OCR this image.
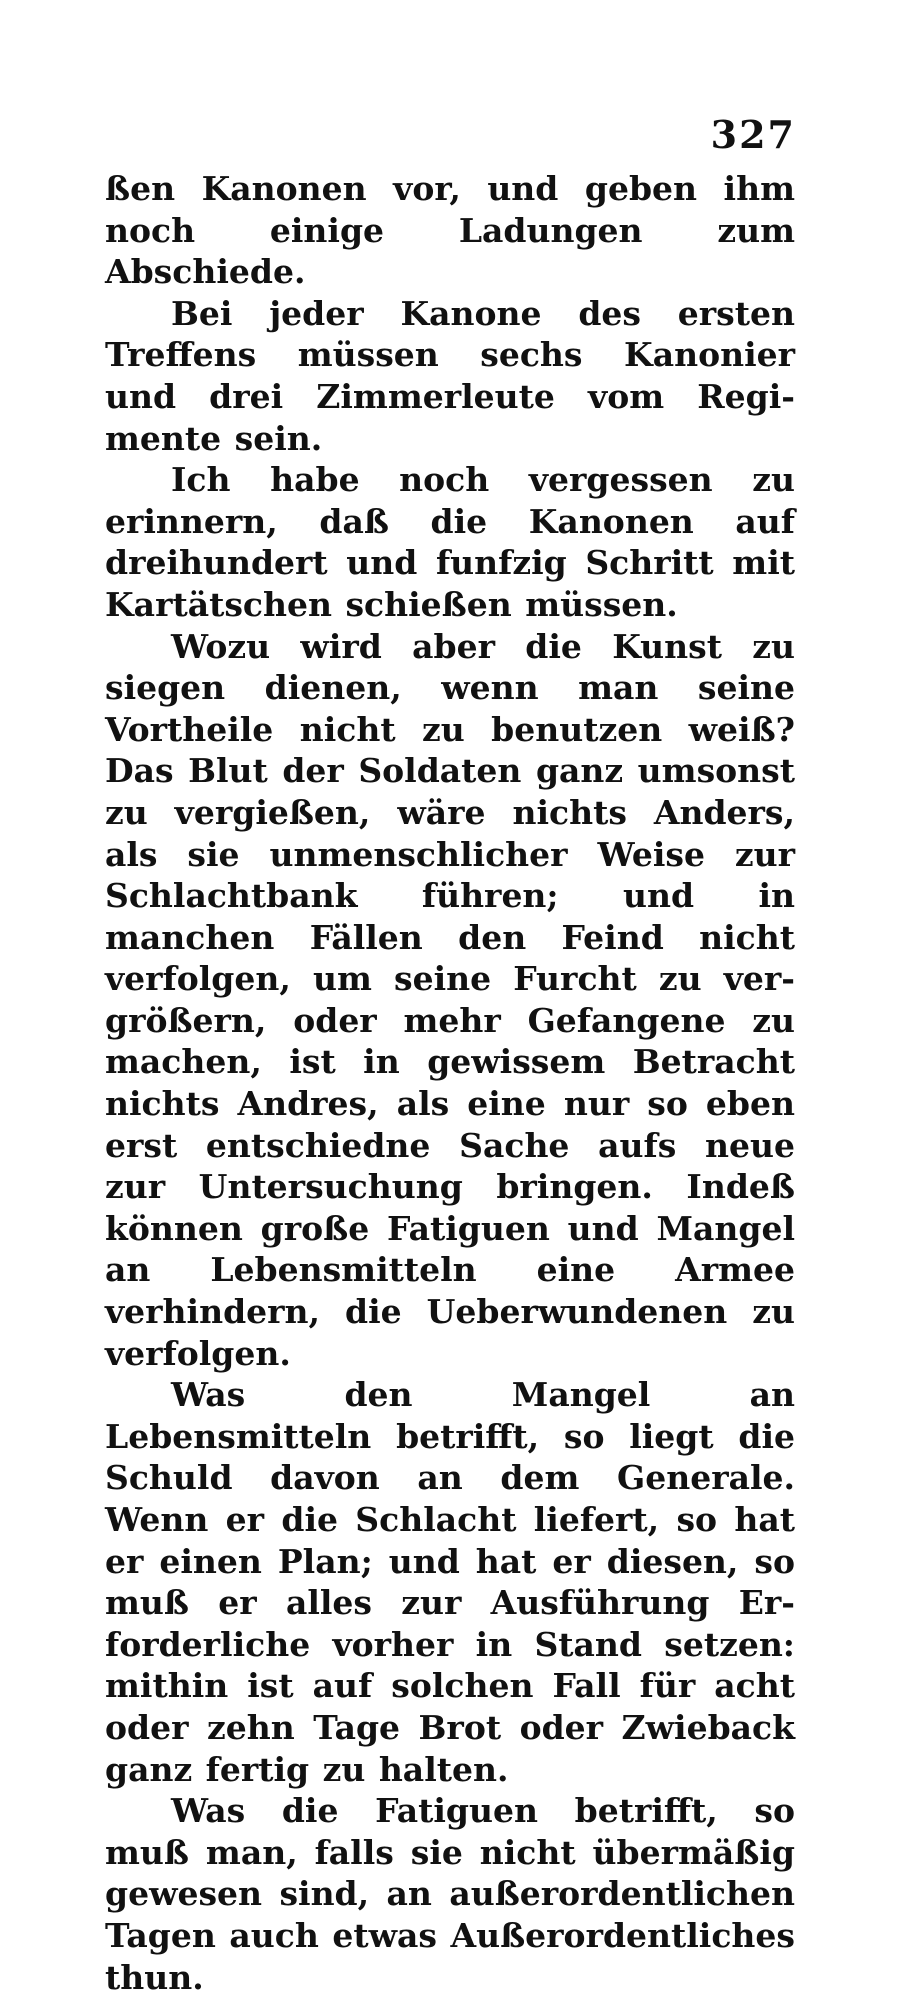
327

ßen Kanonen vor, und geben ihm noch einige Ladungen zum Abschiede.

Bei jeder Kanone des ersten Treffens müssen sechs Kanonier und drei Zimmerleute vom Regimente sein.

Ich habe noch vergessen zu erinnern, daß die Kanonen auf dreihundert und funfzig Schritt mit Kartätschen schießen müssen.

Wozu wird aber die Kunst zu siegen dienen, wenn man seine Vortheile nicht zu benutzen weiß? Das Blut der Soldaten ganz umsonst zu vergießen, wäre nichts Anders, als sie unmenschlicher Weise zur Schlachtbank führen; und in manchen Fällen den Feind nicht verfolgen, um seine Furcht zu vergrößern, oder mehr Gefangene zu machen, ist in gewissem Betracht nichts Andres, als eine nur so eben erst entschiedne Sache aufs neue zur Untersuchung bringen. Indeß können große Fatiguen und Mangel an Lebensmitteln eine Armee verhindern, die Ueberwundenen zu verfolgen.

Was den Mangel an Lebensmitteln betrifft, so liegt die Schuld davon an dem Generale. Wenn er die Schlacht liefert, so hat er einen Plan; und hat er diesen, so muß er alles zur Ausführung Erforderliche vorher in Stand setzen: mithin ist auf solchen Fall für acht oder zehn Tage Brot oder Zwieback ganz fertig zu halten.

Was die Fatiguen betrifft, so muß man, falls sie nicht übermäßig gewesen sind, an außerordentlichen Tagen auch etwas Außerordentliches thun.
